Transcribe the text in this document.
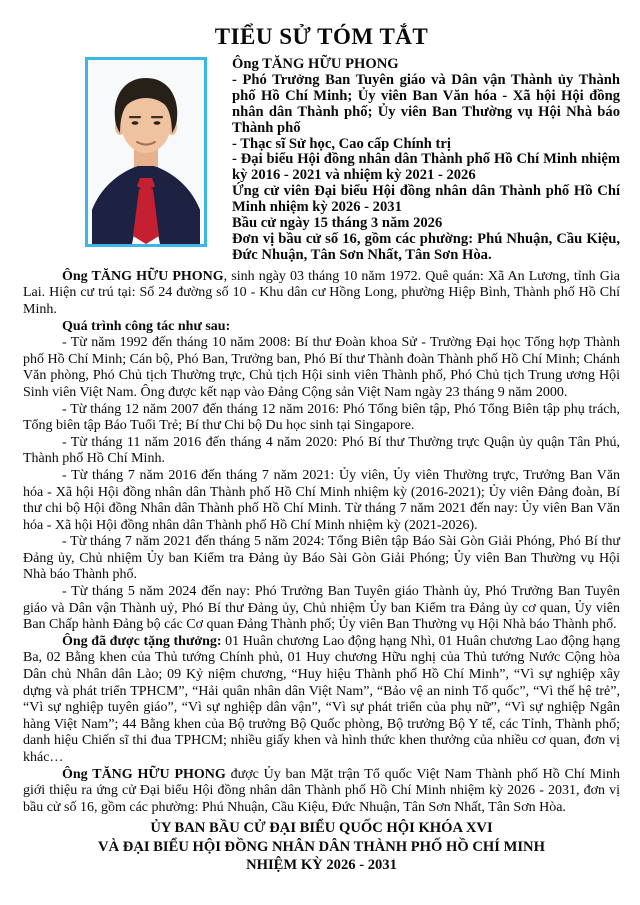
TIỂU SỬ TÓM TẮT
Ông TĂNG HỮU PHONG
- Phó Trưởng Ban Tuyên giáo và Dân vận Thành ủy Thành phố Hồ Chí Minh; Ủy viên Ban Văn hóa - Xã hội Hội đồng nhân dân Thành phố; Ủy viên Ban Thường vụ Hội Nhà báo Thành phố
- Thạc sĩ Sử học, Cao cấp Chính trị
- Đại biểu Hội đồng nhân dân Thành phố Hồ Chí Minh nhiệm kỳ 2016 - 2021 và nhiệm kỳ 2021 - 2026
Ứng cử viên Đại biểu Hội đồng nhân dân Thành phố Hồ Chí Minh nhiệm kỳ 2026 - 2031
Bầu cử ngày 15 tháng 3 năm 2026
Đơn vị bầu cử số 16, gồm các phường: Phú Nhuận, Cầu Kiệu, Đức Nhuận, Tân Sơn Nhất, Tân Sơn Hòa.

Ông TĂNG HỮU PHONG, sinh ngày 03 tháng 10 năm 1972. Quê quán: Xã An Lương, tỉnh Gia Lai. Hiện cư trú tại: Số 24 đường số 10 - Khu dân cư Hồng Long, phường Hiệp Bình, Thành phố Hồ Chí Minh.

Quá trình công tác như sau:

- Từ năm 1992 đến tháng 10 năm 2008: Bí thư Đoàn khoa Sử - Trường Đại học Tổng hợp Thành phố Hồ Chí Minh; Cán bộ, Phó Ban, Trưởng ban, Phó Bí thư Thành đoàn Thành phố Hồ Chí Minh; Chánh Văn phòng, Phó Chủ tịch Thường trực, Chủ tịch Hội sinh viên Thành phố, Phó Chủ tịch Trung ương Hội Sinh viên Việt Nam. Ông được kết nạp vào Đảng Cộng sản Việt Nam ngày 23 tháng 9 năm 2000.

- Từ tháng 12 năm 2007 đến tháng 12 năm 2016: Phó Tổng biên tập, Phó Tổng Biên tập phụ trách, Tổng biên tập Báo Tuổi Trẻ; Bí thư Chi bộ Du học sinh tại Singapore.

- Từ tháng 11 năm 2016 đến tháng 4 năm 2020: Phó Bí thư Thường trực Quận ủy quận Tân Phú, Thành phố Hồ Chí Minh.

- Từ tháng 7 năm 2016 đến tháng 7 năm 2021: Ủy viên, Ủy viên Thường trực, Trưởng Ban Văn hóa - Xã hội Hội đồng nhân dân Thành phố Hồ Chí Minh nhiệm kỳ (2016-2021); Ủy viên Đảng đoàn, Bí thư chi bộ Hội đồng Nhân dân Thành phố Hồ Chí Minh. Từ tháng 7 năm 2021 đến nay: Ủy viên Ban Văn hóa - Xã hội Hội đồng nhân dân Thành phố Hồ Chí Minh nhiệm kỳ (2021-2026).

- Từ tháng 7 năm 2021 đến tháng 5 năm 2024: Tổng Biên tập Báo Sài Gòn Giải Phóng, Phó Bí thư Đảng ủy, Chủ nhiệm Ủy ban Kiểm tra Đảng ủy Báo Sài Gòn Giải Phóng; Ủy viên Ban Thường vụ Hội Nhà báo Thành phố.

- Từ tháng 5 năm 2024 đến nay: Phó Trưởng Ban Tuyên giáo Thành ủy, Phó Trưởng Ban Tuyên giáo và Dân vận Thành uỷ, Phó Bí thư Đảng ủy, Chủ nhiệm Ủy ban Kiểm tra Đảng ủy cơ quan, Ủy viên Ban Chấp hành Đảng bộ các Cơ quan Đảng Thành phố; Ủy viên Ban Thường vụ Hội Nhà báo Thành phố.

Ông đã được tặng thưởng: 01 Huân chương Lao động hạng Nhì, 01 Huân chương Lao động hạng Ba, 02 Bằng khen của Thủ tướng Chính phủ, 01 Huy chương Hữu nghị của Thủ tướng Nước Cộng hòa Dân chủ Nhân dân Lào; 09 Kỷ niệm chương, “Huy hiệu Thành phố Hồ Chí Minh”, “Vì sự nghiệp xây dựng và phát triển TPHCM”, “Hải quân nhân dân Việt Nam”, “Bảo vệ an ninh Tổ quốc”, “Vì thế hệ trẻ”, “Vì sự nghiệp tuyên giáo”, “Vì sự nghiệp dân vận”, “Vì sự phát triển của phụ nữ”, “Vì sự nghiệp Ngân hàng Việt Nam”; 44 Bằng khen của Bộ trưởng Bộ Quốc phòng, Bộ trưởng Bộ Y tế, các Tỉnh, Thành phố; danh hiệu Chiến sĩ thi đua TPHCM; nhiều giấy khen và hình thức khen thưởng của nhiều cơ quan, đơn vị khác…

Ông TĂNG HỮU PHONG được Ủy ban Mặt trận Tổ quốc Việt Nam Thành phố Hồ Chí Minh giới thiệu ra ứng cử Đại biểu Hội đồng nhân dân Thành phố Hồ Chí Minh nhiệm kỳ 2026 - 2031, đơn vị bầu cử số 16, gồm các phường: Phú Nhuận, Cầu Kiệu, Đức Nhuận, Tân Sơn Nhất, Tân Sơn Hòa.

ỦY BAN BẦU CỬ ĐẠI BIỂU QUỐC HỘI KHÓA XVI
VÀ ĐẠI BIỂU HỘI ĐỒNG NHÂN DÂN THÀNH PHỐ HỒ CHÍ MINH
NHIỆM KỲ 2026 - 2031
